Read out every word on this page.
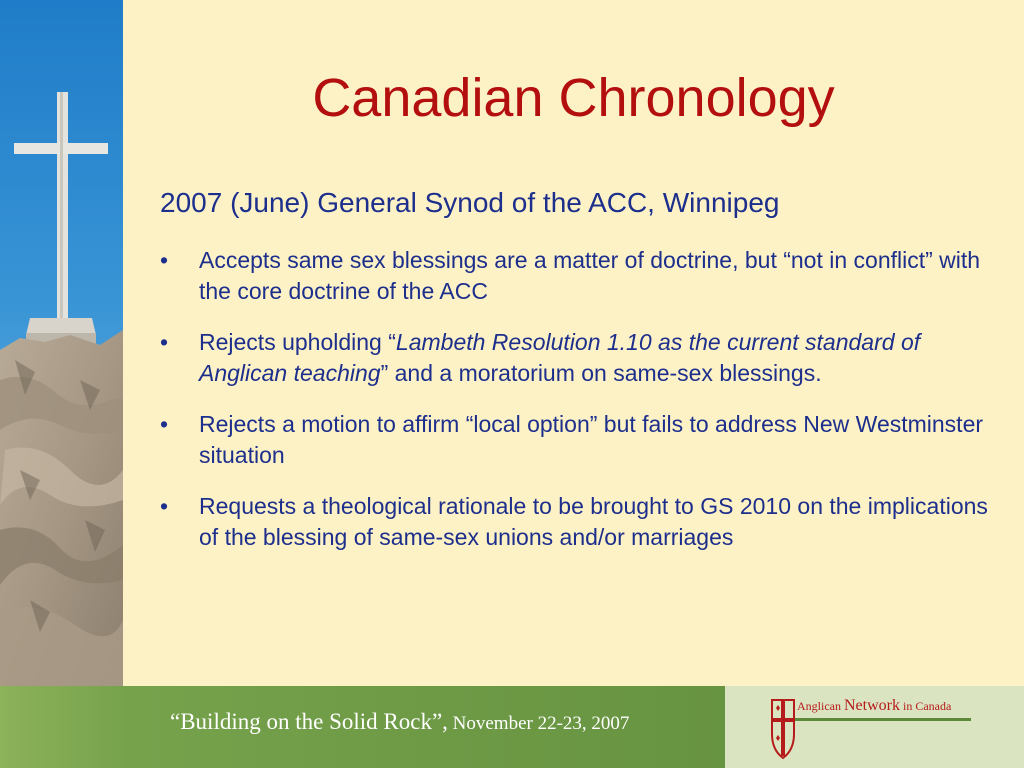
Canadian Chronology
2007 (June) General Synod of the ACC, Winnipeg
• Accepts same sex blessings are a matter of doctrine, but “not in conflict” with the core doctrine of the ACC
• Rejects upholding “Lambeth Resolution 1.10 as the current standard of Anglican teaching” and a moratorium on same-sex blessings.
• Rejects a motion to affirm “local option” but fails to address New Westminster situation
• Requests a theological rationale to be brought to GS 2010 on the implications of the blessing of same-sex unions and/or marriages
“Building on the Solid Rock”, November 22-23, 2007
Anglican Network in Canada
